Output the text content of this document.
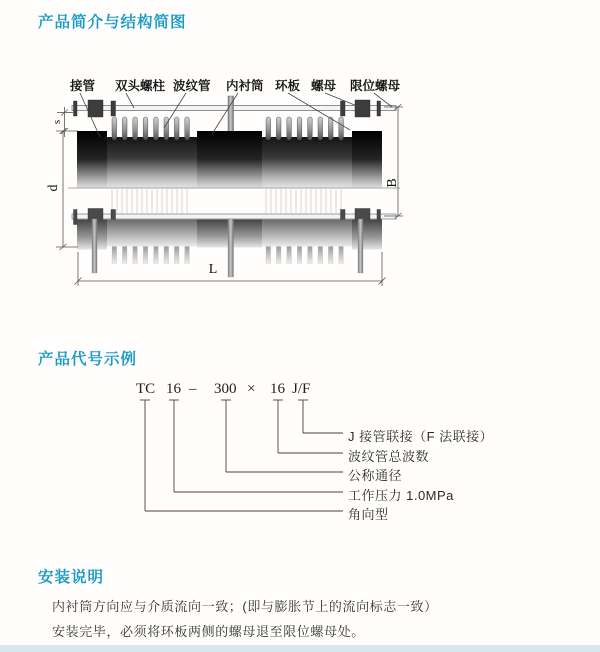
产品简介与结构简图
产品代号示例
安装说明
接管 双头螺柱 波纹管 内衬筒 环板 螺母 限位螺母
s
d
B
L
TC 16 – 300 × 16 J/F
J 接管联接（F 法联接）
波纹管总波数
公称通径
工作压力 1.0MPa
角向型
内衬筒方向应与介质流向一致；(即与膨胀节上的流向标志一致）
安装完毕，必须将环板两侧的螺母退至限位螺母处。
